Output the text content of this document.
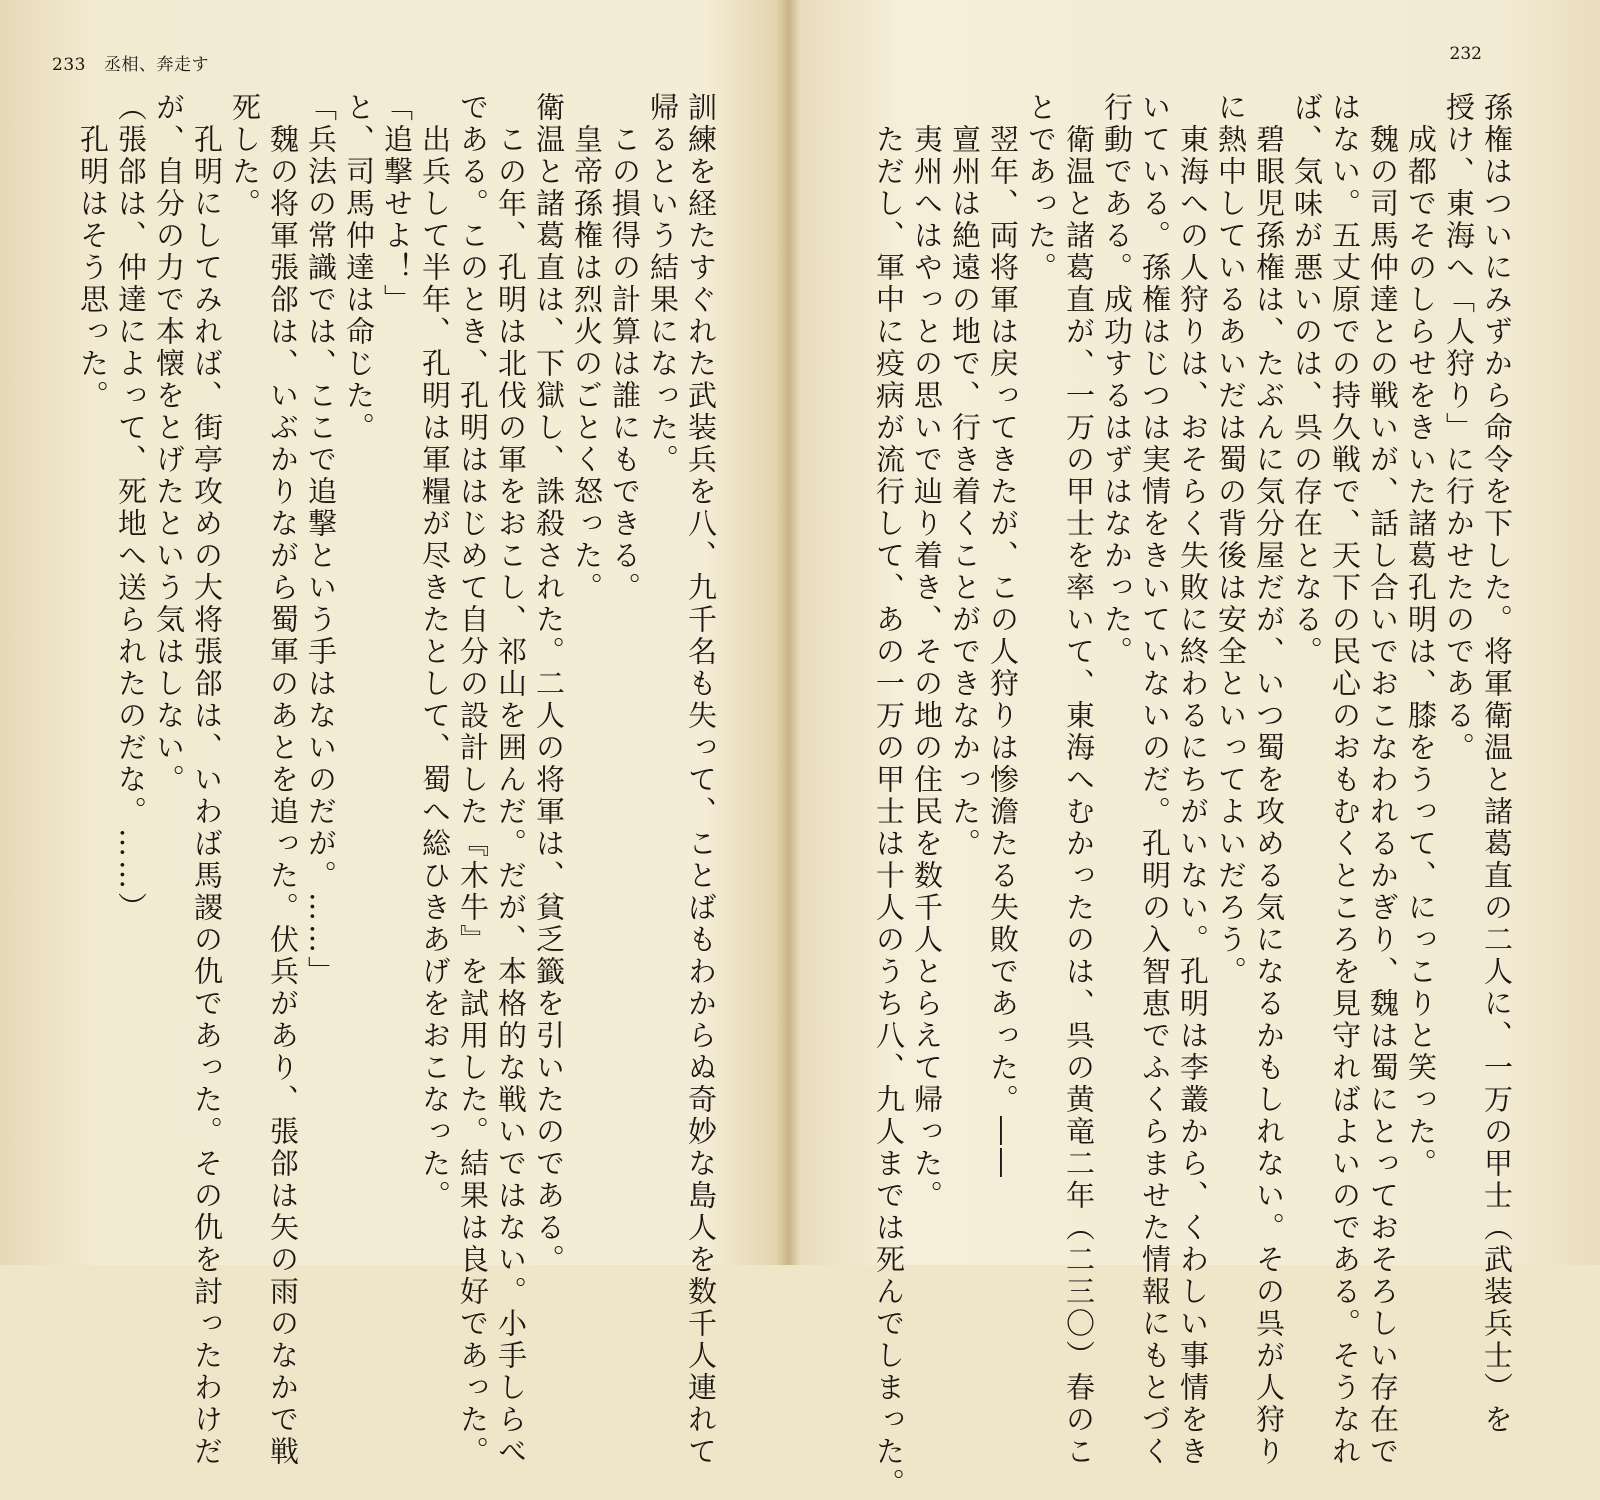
233 丞相、奔走す
訓練を経たすぐれた武装兵を八、九千名も失って、ことばもわからぬ奇妙な島人を数千人連れて
帰るという結果になった。
　この損得の計算は誰にもできる。
　皇帝孫権は烈火のごとく怒った。
衛温と諸葛直は、下獄し、誅殺された。二人の将軍は、貧乏籤を引いたのである。
　この年、孔明は北伐の軍をおこし、祁山を囲んだ。だが、本格的な戦いではない。小手しらべ
である。このとき、孔明ははじめて自分の設計した『木牛』を試用した。結果は良好であった。
　出兵して半年、孔明は軍糧が尽きたとして、蜀へ総ひきあげをおこなった。
「追撃せよ！」
と、司馬仲達は命じた。
「兵法の常識では、ここで追撃という手はないのだが。……」
　魏の将軍張郃は、いぶかりながら蜀軍のあとを追った。伏兵があり、張郃は矢の雨のなかで戦
死した。
　孔明にしてみれば、街亭攻めの大将張郃は、いわば馬謖の仇であった。その仇を討ったわけだ
が、自分の力で本懐をとげたという気はしない。
（張郃は、仲達によって、死地へ送られたのだな。……）
　孔明はそう思った。
232
孫権はついにみずから命令を下した。将軍衛温と諸葛直の二人に、一万の甲士（武装兵士）を
授け、東海へ「人狩り」に行かせたのである。
　成都でそのしらせをきいた諸葛孔明は、膝をうって、にっこりと笑った。
　魏の司馬仲達との戦いが、話し合いでおこなわれるかぎり、魏は蜀にとっておそろしい存在で
はない。五丈原での持久戦で、天下の民心のおもむくところを見守ればよいのである。そうなれ
ば、気味が悪いのは、呉の存在となる。
　碧眼児孫権は、たぶんに気分屋だが、いつ蜀を攻める気になるかもしれない。その呉が人狩り
に熱中しているあいだは蜀の背後は安全といってよいだろう。
　東海への人狩りは、おそらく失敗に終わるにちがいない。孔明は李叢から、くわしい事情をき
いている。孫権はじつは実情をきいていないのだ。孔明の入智恵でふくらませた情報にもとづく
行動である。成功するはずはなかった。
　衛温と諸葛直が、一万の甲士を率いて、東海へむかったのは、呉の黄竜二年（二三〇）春のこ
とであった。
　翌年、両将軍は戻ってきたが、この人狩りは惨澹たる失敗であった。――
　亶州は絶遠の地で、行き着くことができなかった。
　夷州へはやっとの思いで辿り着き、その地の住民を数千人とらえて帰った。
　ただし、軍中に疫病が流行して、あの一万の甲士は十人のうち八、九人までは死んでしまった。
